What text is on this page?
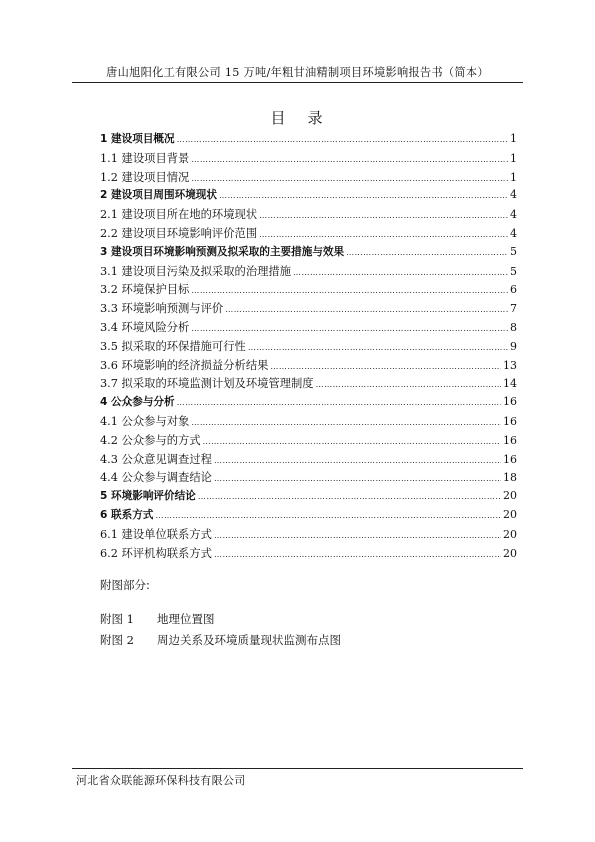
唐山旭阳化工有限公司 15 万吨/年粗甘油精制项目环境影响报告书（简本）
目 录
1 建设项目概况 ……………………………………………………………………………………………………………………………………………………………………………………………………	1
1.1 建设项目背景 ……………………………………………………………………………………………………………………………………………………………………………………………………	1
1.2 建设项目情况 ……………………………………………………………………………………………………………………………………………………………………………………………………	1
2 建设项目周围环境现状 ……………………………………………………………………………………………………………………………………………………………………………………………………	4
2.1 建设项目所在地的环境现状 ……………………………………………………………………………………………………………………………………………………………………………………………………	4
2.2 建设项目环境影响评价范围 ……………………………………………………………………………………………………………………………………………………………………………………………………	4
3 建设项目环境影响预测及拟采取的主要措施与效果 ……………………………………………………………………………………………………………………………………………………………………………………………………	5
3.1 建设项目污染及拟采取的治理措施 ……………………………………………………………………………………………………………………………………………………………………………………………………	5
3.2 环境保护目标 ……………………………………………………………………………………………………………………………………………………………………………………………………	6
3.3 环境影响预测与评价 ……………………………………………………………………………………………………………………………………………………………………………………………………	7
3.4 环境风险分析 ……………………………………………………………………………………………………………………………………………………………………………………………………	8
3.5 拟采取的环保措施可行性 ……………………………………………………………………………………………………………………………………………………………………………………………………	9
3.6 环境影响的经济损益分析结果 ……………………………………………………………………………………………………………………………………………………………………………………………………	13
3.7 拟采取的环境监测计划及环境管理制度 ……………………………………………………………………………………………………………………………………………………………………………………………………	14
4 公众参与分析 ……………………………………………………………………………………………………………………………………………………………………………………………………	16
4.1 公众参与对象 ……………………………………………………………………………………………………………………………………………………………………………………………………	16
4.2 公众参与的方式 ……………………………………………………………………………………………………………………………………………………………………………………………………	16
4.3 公众意见调查过程 ……………………………………………………………………………………………………………………………………………………………………………………………………	16
4.4 公众参与调查结论 ……………………………………………………………………………………………………………………………………………………………………………………………………	18
5 环境影响评价结论 ……………………………………………………………………………………………………………………………………………………………………………………………………	20
6 联系方式 ……………………………………………………………………………………………………………………………………………………………………………………………………	20
6.1 建设单位联系方式 ……………………………………………………………………………………………………………………………………………………………………………………………………	20
6.2 环评机构联系方式 ……………………………………………………………………………………………………………………………………………………………………………………………………	20
附图部分:
附图 1	地理位置图
附图 2	周边关系及环境质量现状监测布点图
河北省众联能源环保科技有限公司
